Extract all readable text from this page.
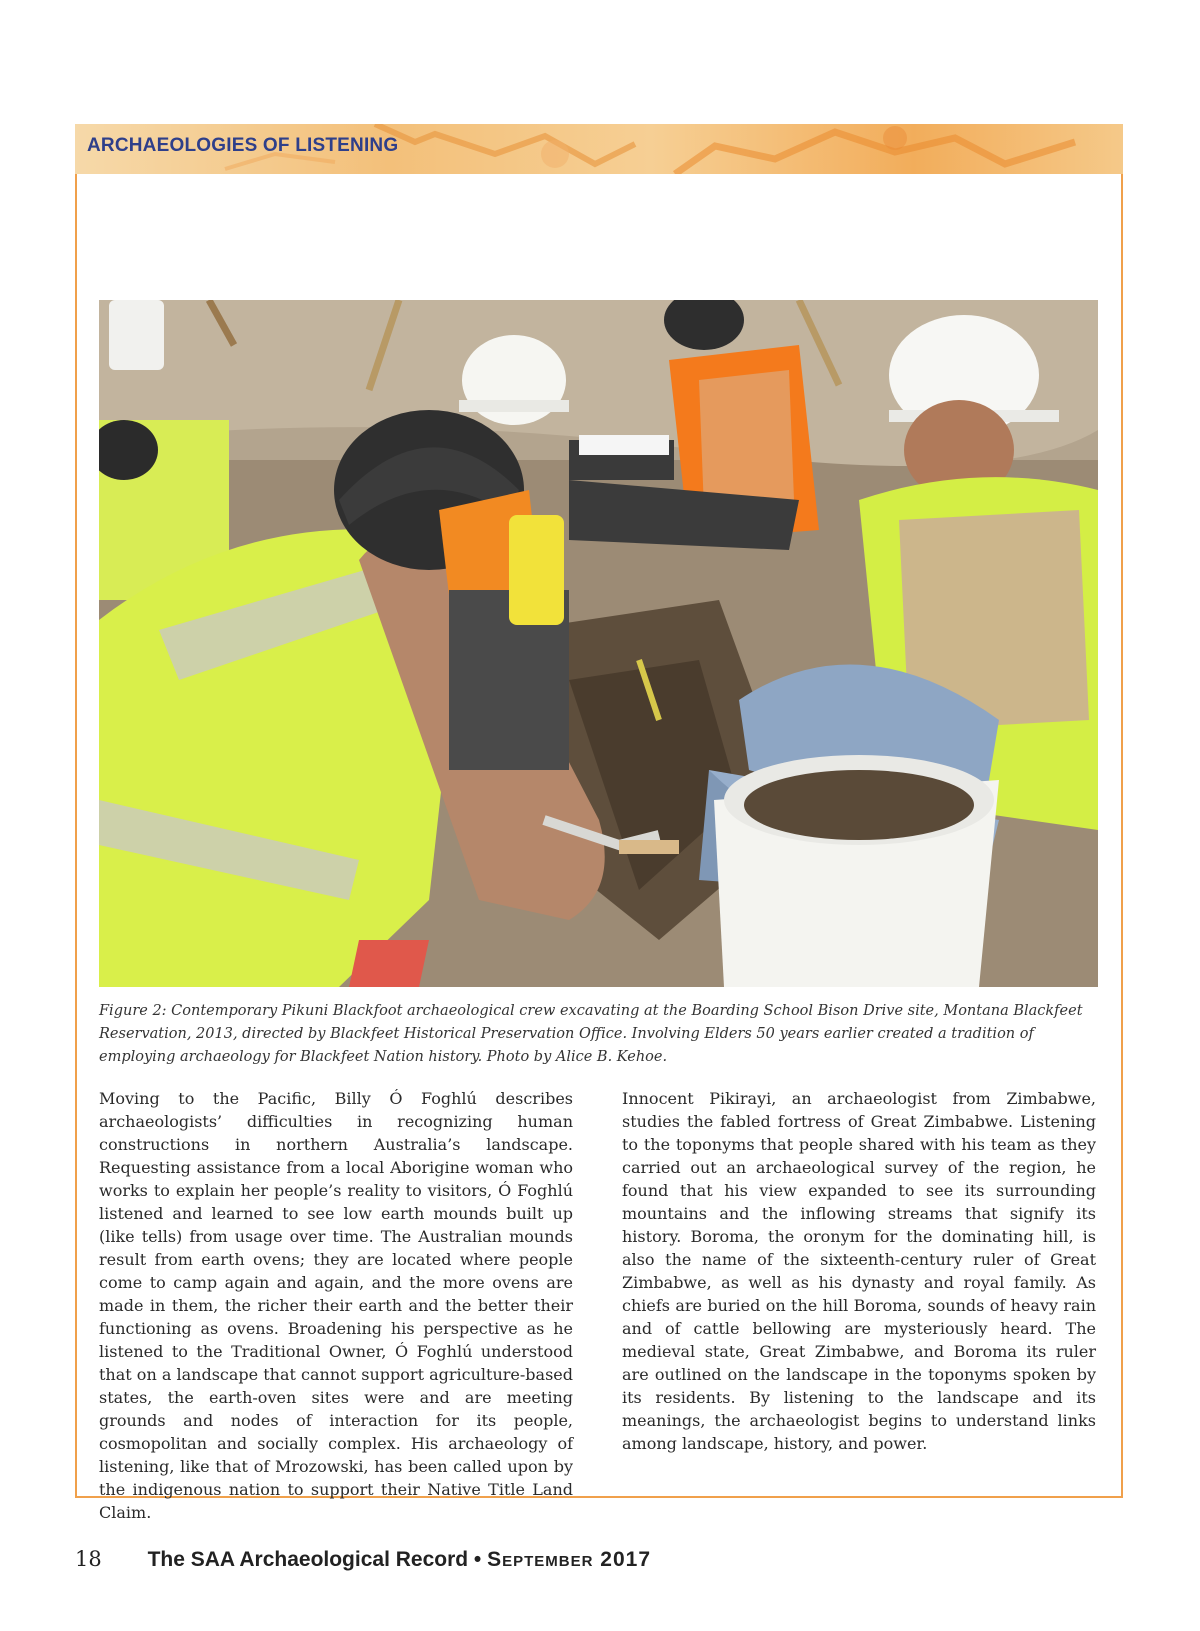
ARCHAEOLOGIES OF LISTENING
Figure 2: Contemporary Pikuni Blackfoot archaeological crew excavating at the Boarding School Bison Drive site, Montana Blackfeet Reservation, 2013, directed by Blackfeet Historical Preservation Office. Involving Elders 50 years earlier created a tradition of employing archaeology for Blackfeet Nation history. Photo by Alice B. Kehoe.
Moving to the Pacific, Billy Ó Foghlú describes archaeologists’ difficulties in recognizing human constructions in northern Australia’s landscape. Requesting assistance from a local Aborigine woman who works to explain her people’s reality to visitors, Ó Foghlú listened and learned to see low earth mounds built up (like tells) from usage over time. The Australian mounds result from earth ovens; they are located where people come to camp again and again, and the more ovens are made in them, the richer their earth and the better their functioning as ovens. Broadening his perspective as he listened to the Traditional Owner, Ó Foghlú understood that on a landscape that cannot support agriculture-based states, the earth-oven sites were and are meeting grounds and nodes of interaction for its people, cosmopolitan and socially complex. His archaeology of listening, like that of Mrozowski, has been called upon by the indigenous nation to support their Native Title Land Claim.
Innocent Pikirayi, an archaeologist from Zimbabwe, studies the fabled fortress of Great Zimbabwe. Listening to the toponyms that people shared with his team as they carried out an archaeological survey of the region, he found that his view expanded to see its surrounding mountains and the inflowing streams that signify its history. Boroma, the oronym for the dominating hill, is also the name of the sixteenth-century ruler of Great Zimbabwe, as well as his dynasty and royal family. As chiefs are buried on the hill Boroma, sounds of heavy rain and of cattle bellowing are mysteriously heard. The medieval state, Great Zimbabwe, and Boroma its ruler are outlined on the landscape in the toponyms spoken by its residents. By listening to the landscape and its meanings, the archaeologist begins to understand links among landscape, history, and power.
18 The SAA Archaeological Record • September 2017
